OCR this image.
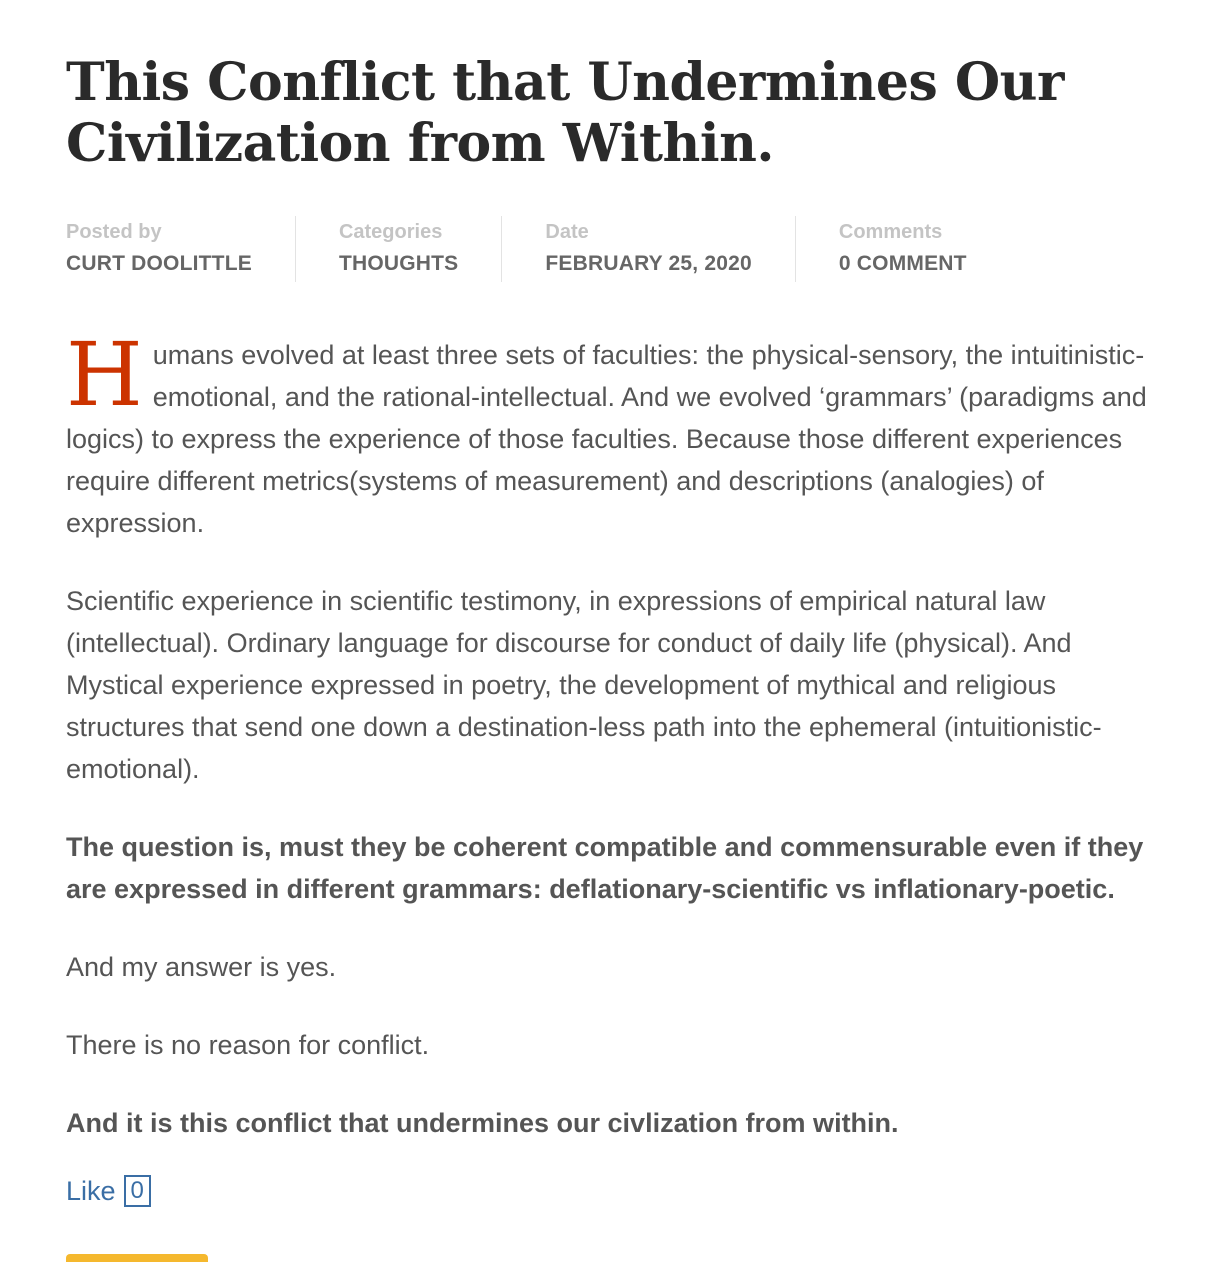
This Conflict that Undermines Our Civilization from Within.
Posted by
CURT DOOLITTLE
Categories
THOUGHTS
Date
FEBRUARY 25, 2020
Comments
0 COMMENT

Humans evolved at least three sets of faculties: the physical-sensory, the intuitinistic-emotional, and the rational-intellectual. And we evolved ‘grammars’ (paradigms and logics) to express the experience of those faculties. Because those different experiences require different metrics(systems of measurement) and descriptions (analogies) of expression.

Scientific experience in scientific testimony, in expressions of empirical natural law (intellectual). Ordinary language for discourse for conduct of daily life (physical). And Mystical experience expressed in poetry, the development of mythical and religious structures that send one down a destination-less path into the ephemeral (intuitionistic-emotional).

The question is, must they be coherent compatible and commensurable even if they are expressed in different grammars: deflationary-scientific vs inflationary-poetic.

And my answer is yes.

There is no reason for conflict.

And it is this conflict that undermines our civlization from within.

Like 0
